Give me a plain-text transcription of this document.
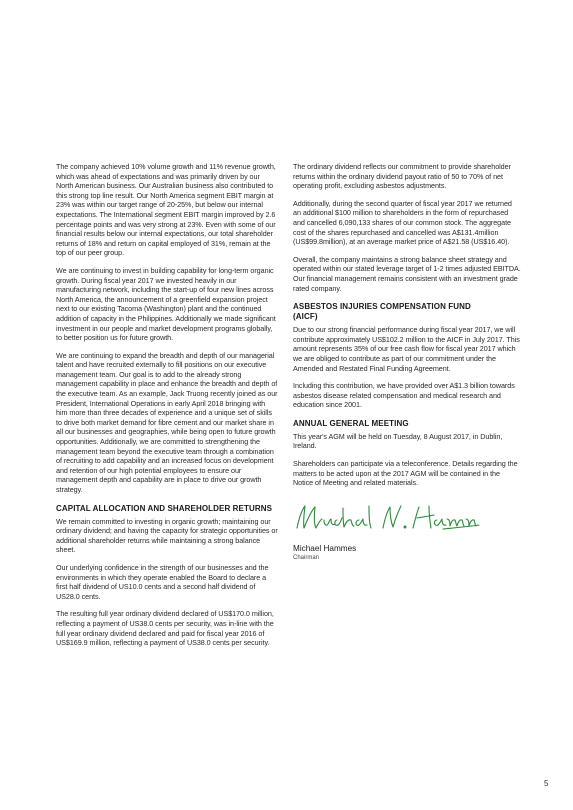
The company achieved 10% volume growth and 11% revenue growth, which was ahead of expectations and was primarily driven by our North American business. Our Australian business also contributed to this strong top line result. Our North America segment EBIT margin at 23% was within our target range of 20-25%, but below our internal expectations. The International segment EBIT margin improved by 2.6 percentage points and was very strong at 23%. Even with some of our financial results below our internal expectations, our total shareholder returns of 18% and return on capital employed of 31%, remain at the top of our peer group.

We are continuing to invest in building capability for long-term organic growth. During fiscal year 2017 we invested heavily in our manufacturing network, including the start-up of four new lines across North America, the announcement of a greenfield expansion project next to our existing Tacoma (Washington) plant and the continued addition of capacity in the Philippines. Additionally we made significant investment in our people and market development programs globally, to better position us for future growth.

We are continuing to expand the breadth and depth of our managerial talent and have recruited externally to fill positions on our executive management team. Our goal is to add to the already strong management capability in place and enhance the breadth and depth of the executive team. As an example, Jack Truong recently joined as our President, International Operations in early April 2018 bringing with him more than three decades of experience and a unique set of skills to drive both market demand for fibre cement and our market share in all our businesses and geographies, while being open to future growth opportunities. Additionally, we are committed to strengthening the management team beyond the executive team through a combination of recruiting to add capability and an increased focus on development and retention of our high potential employees to ensure our management depth and capability are in place to drive our growth strategy.

CAPITAL ALLOCATION AND SHAREHOLDER RETURNS

We remain committed to investing in organic growth; maintaining our ordinary dividend; and having the capacity for strategic opportunities or additional shareholder returns while maintaining a strong balance sheet.

Our underlying confidence in the strength of our businesses and the environments in which they operate enabled the Board to declare a first half dividend of US10.0 cents and a second half dividend of US28.0 cents.

The resulting full year ordinary dividend declared of US$170.0 million, reflecting a payment of US38.0 cents per security, was in-line with the full year ordinary dividend declared and paid for fiscal year 2016 of US$169.9 million, reflecting a payment of US38.0 cents per security.

The ordinary dividend reflects our commitment to provide shareholder returns within the ordinary dividend payout ratio of 50 to 70% of net operating profit, excluding asbestos adjustments.

Additionally, during the second quarter of fiscal year 2017 we returned an additional $100 million to shareholders in the form of repurchased and cancelled 6,090,133 shares of our common stock. The aggregate cost of the shares repurchased and cancelled was A$131.4million (US$99.8million), at an average market price of A$21.58 (US$16.40).

Overall, the company maintains a strong balance sheet strategy and operated within our stated leverage target of 1-2 times adjusted EBITDA. Our financial management remains consistent with an investment grade rated company.

ASBESTOS INJURIES COMPENSATION FUND (AICF)

Due to our strong financial performance during fiscal year 2017, we will contribute approximately US$102.2 million to the AICF in July 2017. This amount represents 35% of our free cash flow for fiscal year 2017 which we are obliged to contribute as part of our commitment under the Amended and Restated Final Funding Agreement.

Including this contribution, we have provided over A$1.3 billion towards asbestos disease related compensation and medical research and education since 2001.

ANNUAL GENERAL MEETING

This year's AGM will be held on Tuesday, 8 August 2017, in Dublin, Ireland.

Shareholders can participate via a teleconference. Details regarding the matters to be acted upon at the 2017 AGM will be contained in the Notice of Meeting and related materials.

Michael Hammes
Chairman
5
